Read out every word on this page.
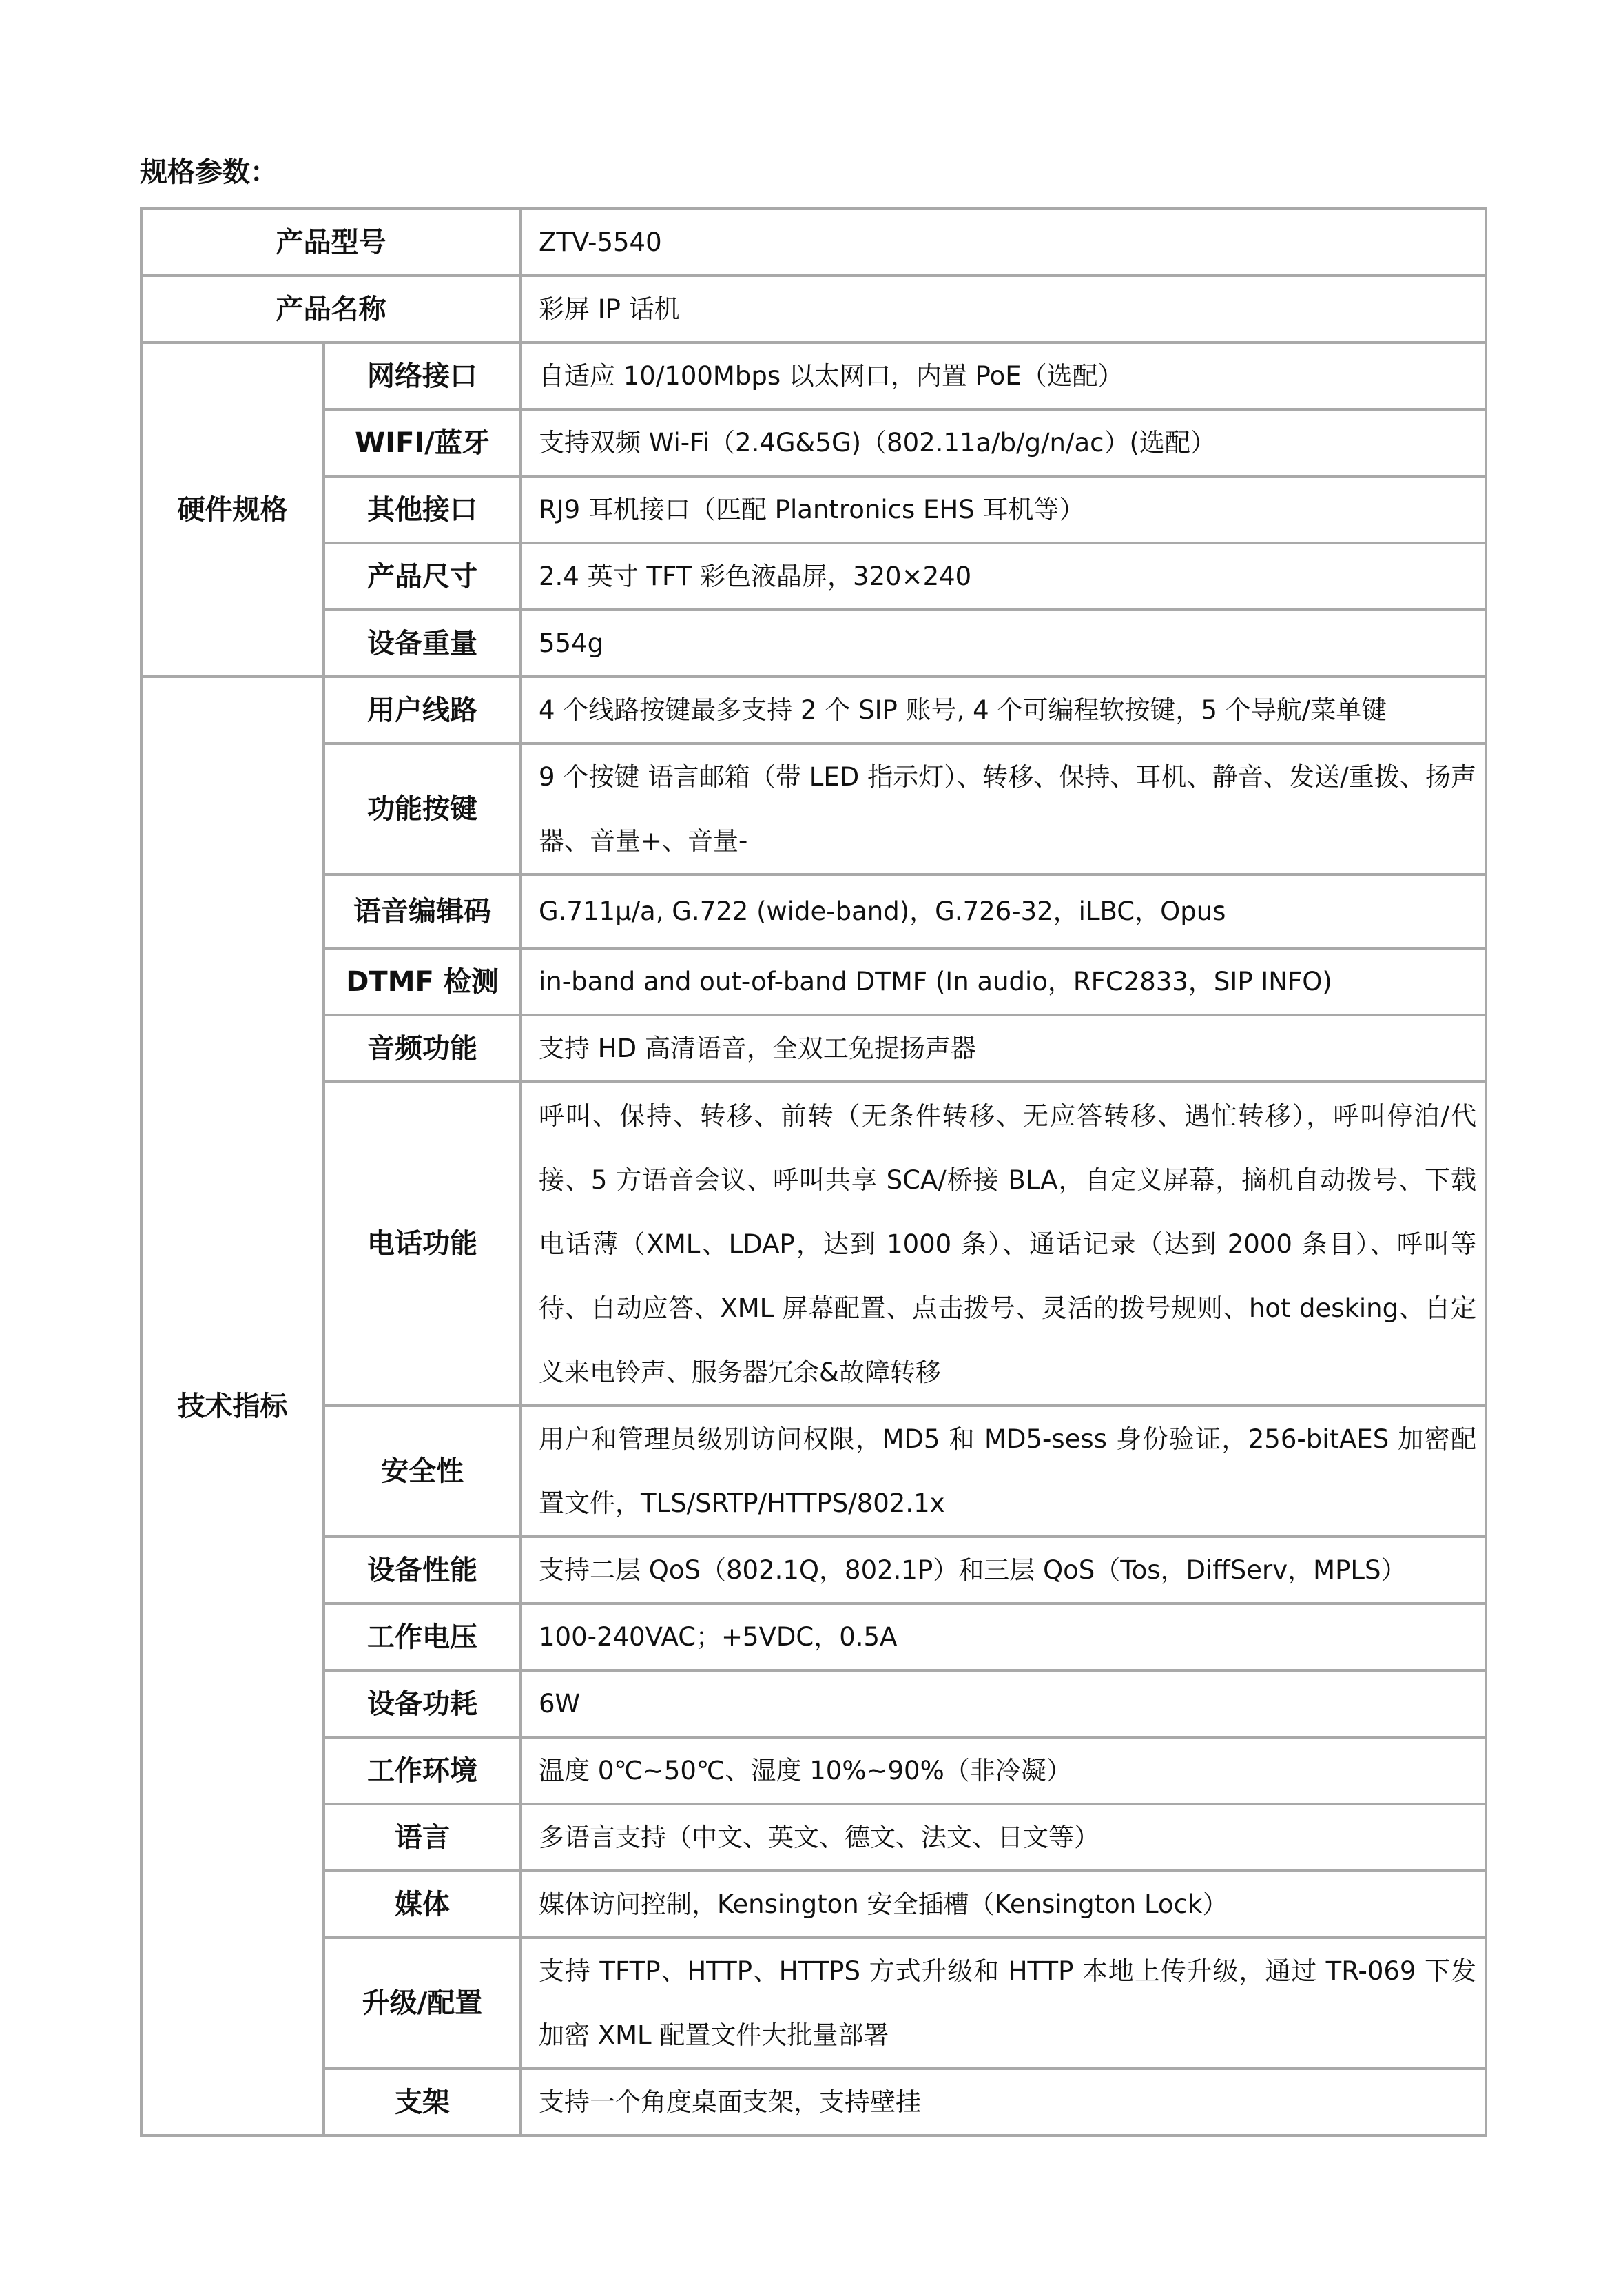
规格参数：
产品型号		ZTV-5540
产品名称		彩屏 IP 话机
硬件规格	网络接口	自适应 10/100Mbps 以太网口，内置 PoE（选配）
	WIFI/蓝牙	支持双频 Wi-Fi（2.4G&5G)（802.11a/b/g/n/ac）(选配）
	其他接口	RJ9 耳机接口（匹配 Plantronics EHS 耳机等）
	产品尺寸	2.4 英寸 TFT 彩色液晶屏，320×240
	设备重量	554g
技术指标	用户线路	4 个线路按键最多支持 2 个 SIP 账号, 4 个可编程软按键，5 个导航/菜单键
	功能按键	9 个按键 语言邮箱（带 LED 指示灯）、转移、保持、耳机、静音、发送/重拨、扬声器、音量+、音量-
	语音编辑码	G.711μ/a, G.722 (wide-band)，G.726-32，iLBC，Opus
	DTMF 检测	in-band and out-of-band DTMF (In audio，RFC2833，SIP INFO)
	音频功能	支持 HD 高清语音，全双工免提扬声器
	电话功能	呼叫、保持、转移、前转（无条件转移、无应答转移、遇忙转移），呼叫停泊/代接、5 方语音会议、呼叫共享 SCA/桥接 BLA，自定义屏幕，摘机自动拨号、下载电话薄（XML、LDAP，达到 1000 条）、通话记录（达到 2000 条目）、呼叫等待、自动应答、XML 屏幕配置、点击拨号、灵活的拨号规则、hot desking、自定义来电铃声、服务器冗余&故障转移
	安全性	用户和管理员级别访问权限，MD5 和 MD5-sess 身份验证，256-bitAES 加密配置文件，TLS/SRTP/HTTPS/802.1x
	设备性能	支持二层 QoS（802.1Q，802.1P）和三层 QoS（Tos，DiffServ，MPLS）
	工作电压	100-240VAC；+5VDC，0.5A
	设备功耗	6W
	工作环境	温度 0℃~50℃、湿度 10%~90%（非冷凝）
	语言	多语言支持（中文、英文、德文、法文、日文等）
	媒体	媒体访问控制，Kensington 安全插槽（Kensington Lock）
	升级/配置	支持 TFTP、HTTP、HTTPS 方式升级和 HTTP 本地上传升级，通过 TR-069 下发加密 XML 配置文件大批量部署
	支架	支持一个角度桌面支架，支持壁挂
